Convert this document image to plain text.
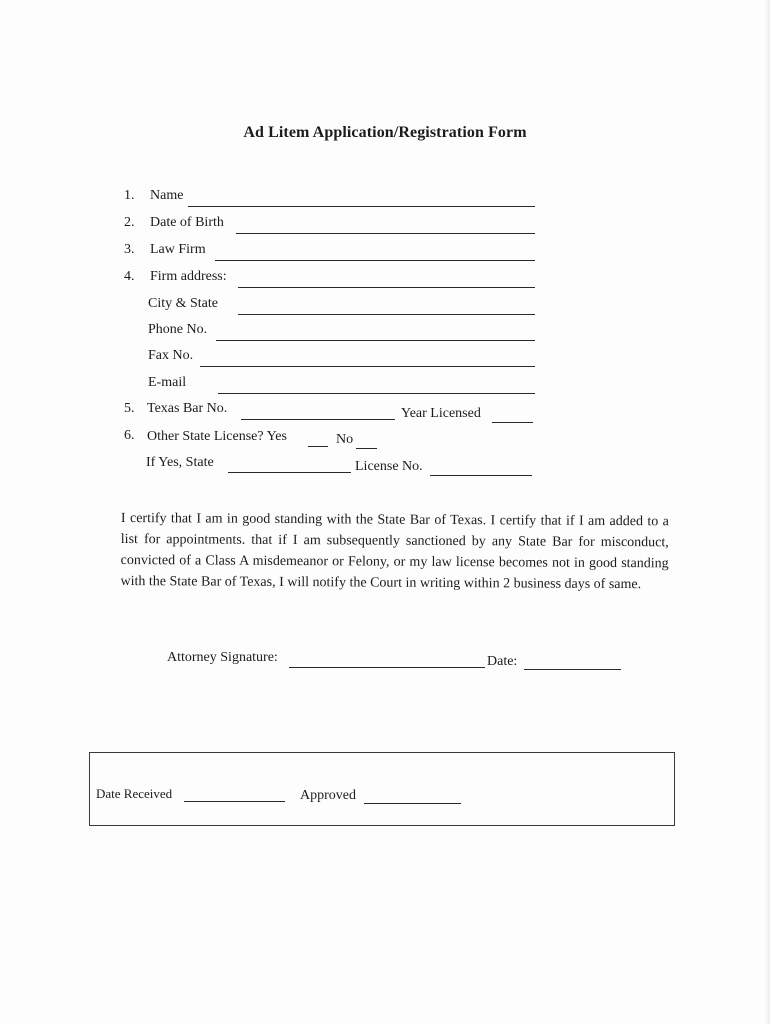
Ad Litem Application/Registration Form
1. Name
2. Date of Birth
3. Law Firm
4. Firm address:
City & State
Phone No.
Fax No.
E-mail
5. Texas Bar No.	Year Licensed
6. Other State License? Yes	No
If Yes, State	License No.
I certify that I am in good standing with the State Bar of Texas. I certify that if I am added to a list for appointments. that if I am subsequently sanctioned by any State Bar for misconduct, convicted of a Class A misdemeanor or Felony, or my law license becomes not in good standing with the State Bar of Texas, I will notify the Court in writing within 2 business days of same.
Attorney Signature:	Date:
Date Received	Approved
